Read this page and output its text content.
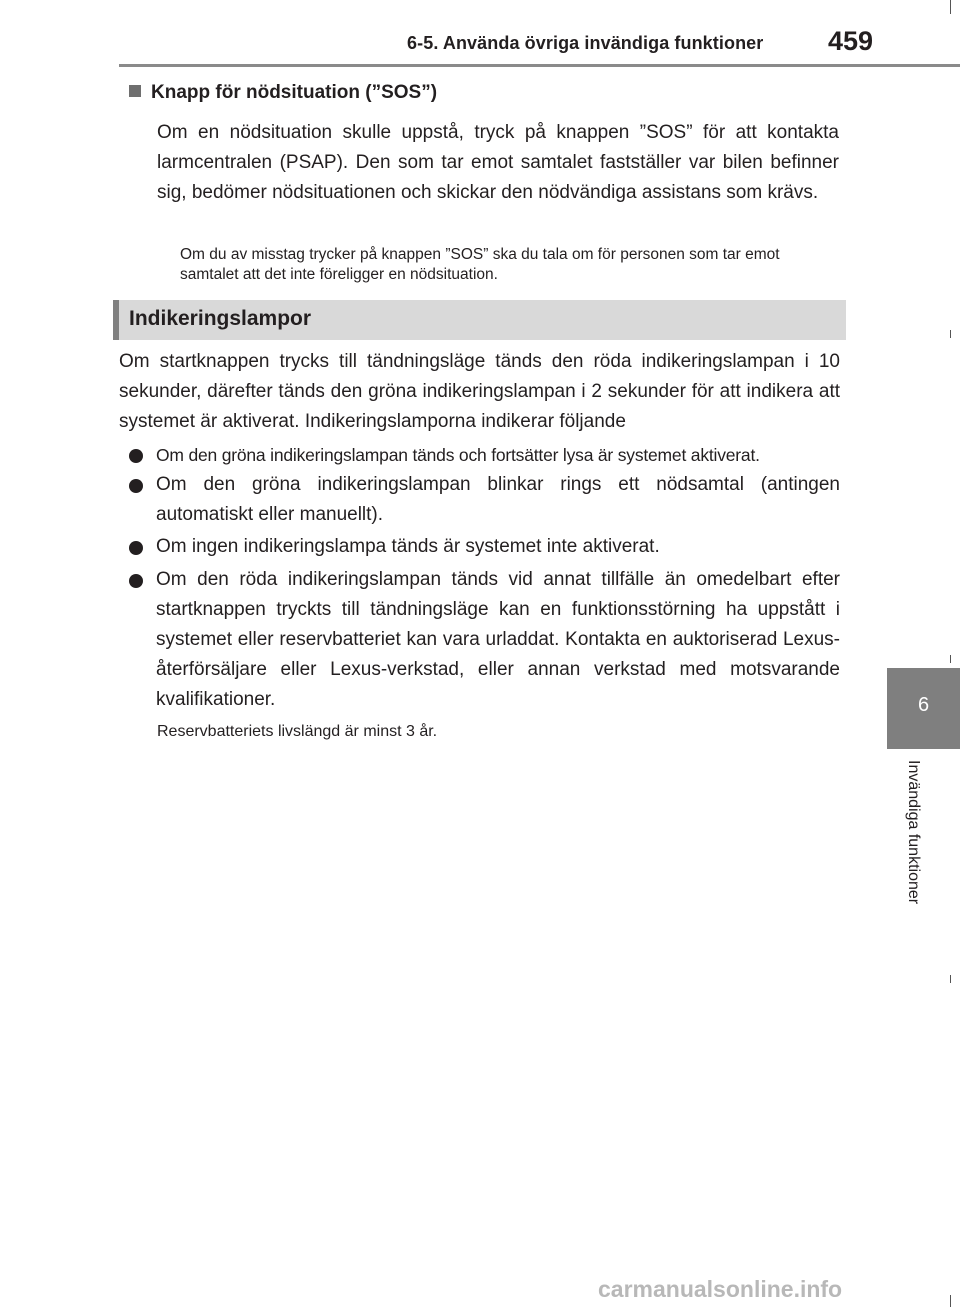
6-5. Använda övriga invändiga funktioner 459
6
Invändiga funktioner
Knapp för nödsituation (”SOS”)
Om en nödsituation skulle uppstå, tryck på knappen ”SOS” för att kontakta larmcentralen (PSAP). Den som tar emot samtalet fastställer var bilen befinner sig, bedömer nödsituationen och skickar den nödvändiga assistans som krävs.
Om du av misstag trycker på knappen ”SOS” ska du tala om för personen som tar emot samtalet att det inte föreligger en nödsituation.
Indikeringslampor
Om startknappen trycks till tändningsläge tänds den röda indikeringslampan i 10 sekunder, därefter tänds den gröna indikeringslampan i 2 sekunder för att indikera att systemet är aktiverat. Indikeringslamporna indikerar följande
Om den gröna indikeringslampan tänds och fortsätter lysa är systemet aktiverat.
Om den gröna indikeringslampan blinkar rings ett nödsamtal (antingen automatiskt eller manuellt).
Om ingen indikeringslampa tänds är systemet inte aktiverat.
Om den röda indikeringslampan tänds vid annat tillfälle än omedelbart efter startknappen tryckts till tändningsläge kan en funktionsstörning ha uppstått i systemet eller reservbatteriet kan vara urladdat. Kontakta en auktoriserad Lexus-återförsäljare eller Lexus-verkstad, eller annan verkstad med motsvarande kvalifikationer.
Reservbatteriets livslängd är minst 3 år.
carmanualsonline.info
